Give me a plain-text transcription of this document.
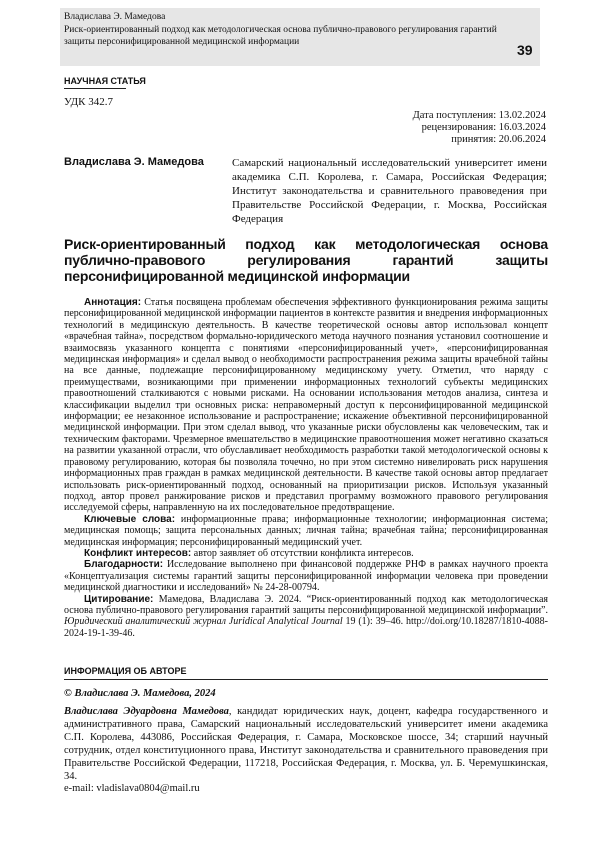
Владислава Э. Мамедова
Риск-ориентированный подход как методологическая основа публично-правового регулирования гарантий защиты персонифицированной медицинской информации
39
НАУЧНАЯ СТАТЬЯ
УДК 342.7
Дата поступления: 13.02.2024
рецензирования: 16.03.2024
принятия: 20.06.2024
Владислава Э. Мамедова	Самарский национальный исследовательский университет имени академика С.П. Королева, г. Самара, Российская Федерация; Институт законодательства и сравнительного правоведения при Правительстве Российской Федерации, г. Москва, Российская Федерация
Риск-ориентированный подход как методологическая основа публично-правового регулирования гарантий защиты персонифицированной медицинской информации

Аннотация: Статья посвящена проблемам обеспечения эффективного функционирования режима защиты персонифицированной медицинской информации пациентов в контексте развития и внедрения информационных технологий в медицинскую деятельность. В качестве теоретической основы автор использовал концепт «врачебная тайна», посредством формально-юридического метода научного познания установил соотношение и взаимосвязь указанного концепта с понятиями «персонифицированный учет», «персонифицированная медицинская информация» и сделал вывод о необходимости распространения режима защиты врачебной тайны на все данные, подлежащие персонифицированному медицинскому учету. Отметил, что наряду с преимуществами, возникающими при применении информационных технологий субъекты медицинских правоотношений сталкиваются с новыми рисками. На основании использования методов анализа, синтеза и классификации выделил три основных риска: неправомерный доступ к персонифицированной медицинской информации; ее незаконное использование и распространение; искажение объективной персонифицированной медицинской информации. При этом сделал вывод, что указанные риски обусловлены как человеческим, так и техническим факторами. Чрезмерное вмешательство в медицинские правоотношения может негативно сказаться на развитии указанной отрасли, что обуславливает необходимость разработки такой методологической основы к правовому регулированию, которая бы позволяла точечно, но при этом системно нивелировать риск нарушения информационных прав граждан в рамках медицинской деятельности. В качестве такой основы автор предлагает использовать риск-ориентированный подход, основанный на приоритизации рисков. Используя указанный подход, автор провел ранжирование рисков и представил программу возможного правового регулирования исследуемой сферы, направленную на их последовательное предотвращение.

Ключевые слова: информационные права; информационные технологии; информационная система; медицинская помощь; защита персональных данных; личная тайна; врачебная тайна; персонифицированная медицинская информация; персонифицированный медицинский учет.

Конфликт интересов: автор заявляет об отсутствии конфликта интересов.

Благодарности: Исследование выполнено при финансовой поддержке РНФ в рамках научного проекта «Концептуализация системы гарантий защиты персонифицированной информации человека при проведении медицинской диагностики и исследований» № 24-28-00794.

Цитирование: Мамедова, Владислава Э. 2024. “Риск-ориентированный подход как методологическая основа публично-правового регулирования гарантий защиты персонифицированной медицинской информации”. Юридический аналитический журнал Juridical Analytical Journal 19 (1): 39–46. http://doi.org/10.18287/1810-4088-2024-19-1-39-46.

ИНФОРМАЦИЯ ОБ АВТОРЕ
© Владислава Э. Мамедова, 2024
Владислава Эдуардовна Мамедова, кандидат юридических наук, доцент, кафедра государственного и административного права, Самарский национальный исследовательский университет имени академика С.П. Королева, 443086, Российская Федерация, г. Самара, Московское шоссе, 34; старший научный сотрудник, отдел конституционного права, Институт законодательства и сравнительного правоведения при Правительстве Российской Федерации, 117218, Российская Федерация, г. Москва, ул. Б. Черемушкинская, 34.
e-mail: vladislava0804@mail.ru
